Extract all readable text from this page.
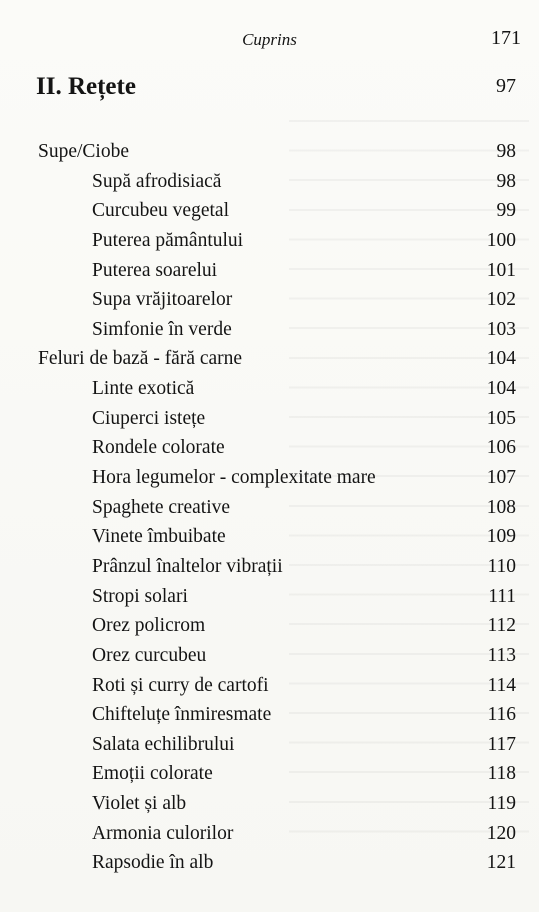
Cuprins	171
II. Rețete	97
Supe/Ciobe	98
Supă afrodisiacă	98
Curcubeu vegetal	99
Puterea pământului	100
Puterea soarelui	101
Supa vrăjitoarelor	102
Simfonie în verde	103
Feluri de bază - fără carne	104
Linte exotică	104
Ciuperci istețe	105
Rondele colorate	106
Hora legumelor - complexitate mare	107
Spaghete creative	108
Vinete îmbuibate	109
Prânzul înaltelor vibrații	110
Stropi solari	111
Orez policrom	112
Orez curcubeu	113
Roti și curry de cartofi	114
Chifteluțe înmiresmate	116
Salata echilibrului	117
Emoții colorate	118
Violet și alb	119
Armonia culorilor	120
Rapsodie în alb	121
